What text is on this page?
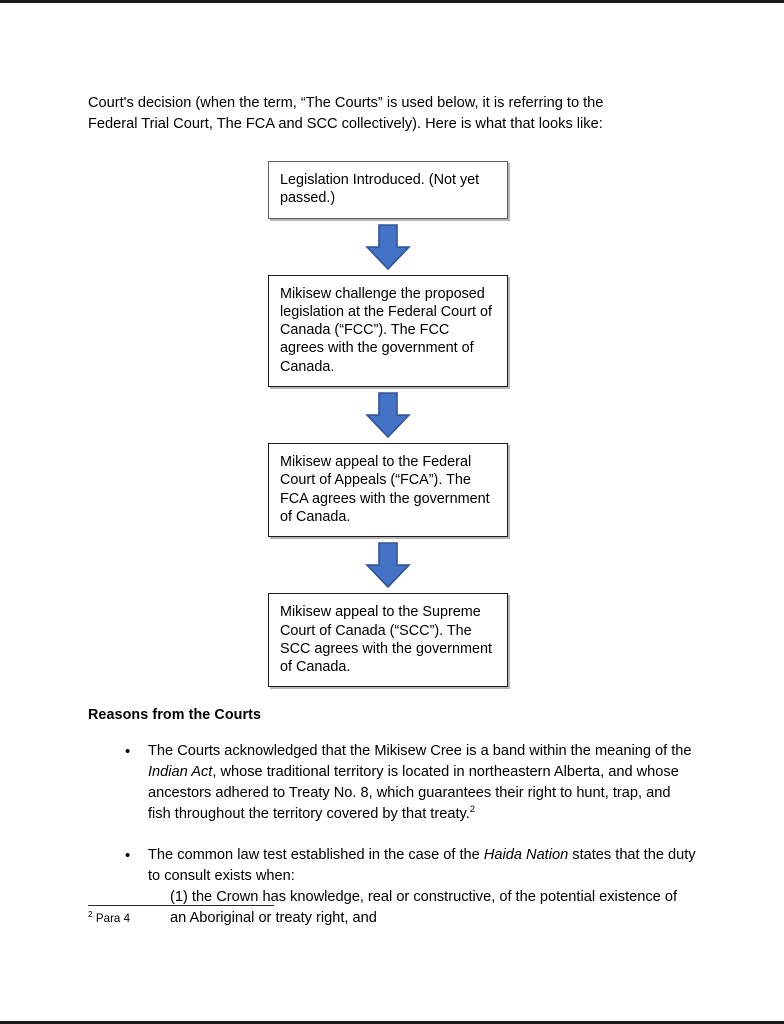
Court's decision (when the term, “The Courts” is used below, it is referring to the Federal Trial Court, The FCA and SCC collectively). Here is what that looks like:

Legislation Introduced. (Not yet passed.)

Mikisew challenge the proposed legislation at the Federal Court of Canada (“FCC”). The FCC agrees with the government of Canada.

Mikisew appeal to the Federal Court of Appeals (“FCA”). The FCA agrees with the government of Canada.

Mikisew appeal to the Supreme Court of Canada (“SCC”). The SCC agrees with the government of Canada.

Reasons from the Courts
• The Courts acknowledged that the Mikisew Cree is a band within the meaning of the Indian Act, whose traditional territory is located in northeastern Alberta, and whose ancestors adhered to Treaty No. 8, which guarantees their right to hunt, trap, and fish throughout the territory covered by that treaty.$^2$
• The common law test established in the case of the Haida Nation states that the duty to consult exists when:
(1) the Crown has knowledge, real or constructive, of the potential existence of an Aboriginal or treaty right, and

$^2$ Para 4
